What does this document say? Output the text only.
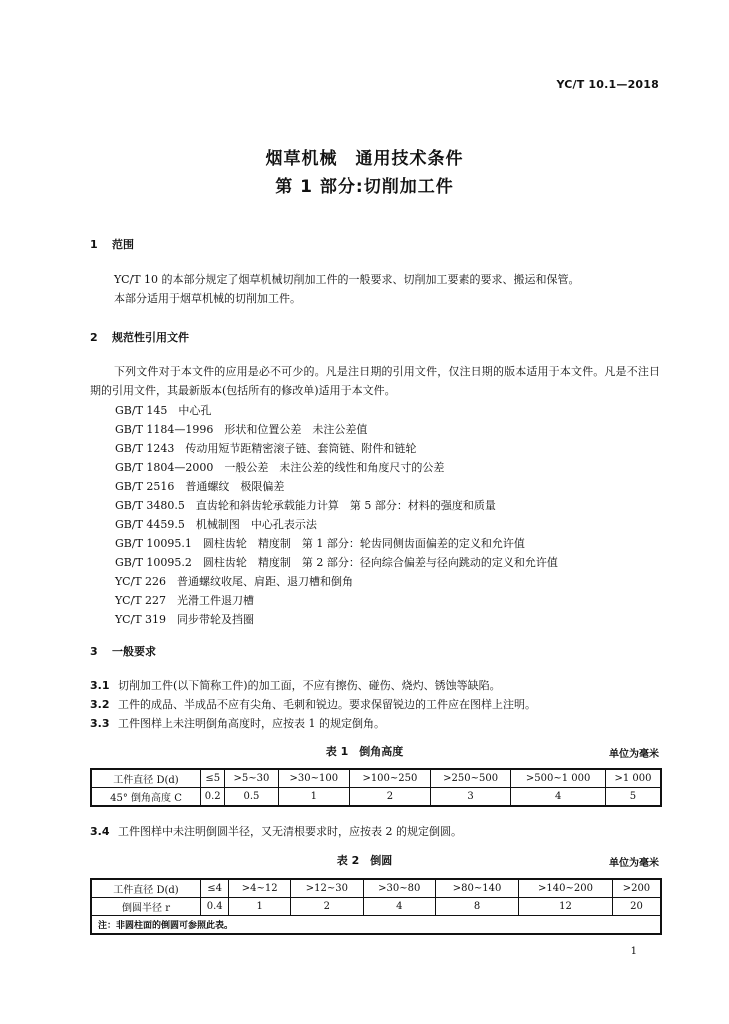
YC/T 10.1—2018
烟草机械　通用技术条件
第 1 部分:切削加工件
1 范围
YC/T 10 的本部分规定了烟草机械切削加工件的一般要求、切削加工要素的要求、搬运和保管。
本部分适用于烟草机械的切削加工件。
2 规范性引用文件
下列文件对于本文件的应用是必不可少的。凡是注日期的引用文件，仅注日期的版本适用于本文件。凡是不注日期的引用文件，其最新版本(包括所有的修改单)适用于本文件。
GB/T 145　中心孔
GB/T 1184—1996　形状和位置公差　未注公差值
GB/T 1243　传动用短节距精密滚子链、套筒链、附件和链轮
GB/T 1804—2000　一般公差　未注公差的线性和角度尺寸的公差
GB/T 2516　普通螺纹　极限偏差
GB/T 3480.5　直齿轮和斜齿轮承载能力计算　第 5 部分：材料的强度和质量
GB/T 4459.5　机械制图　中心孔表示法
GB/T 10095.1　圆柱齿轮　精度制　第 1 部分：轮齿同侧齿面偏差的定义和允许值
GB/T 10095.2　圆柱齿轮　精度制　第 2 部分：径向综合偏差与径向跳动的定义和允许值
YC/T 226　普通螺纹收尾、肩距、退刀槽和倒角
YC/T 227　光滑工件退刀槽
YC/T 319　同步带轮及挡圈
3 一般要求
3.1 切削加工件(以下简称工件)的加工面，不应有擦伤、碰伤、烧灼、锈蚀等缺陷。
3.2 工件的成品、半成品不应有尖角、毛刺和锐边。要求保留锐边的工件应在图样上注明。
3.3 工件图样上未注明倒角高度时，应按表 1 的规定倒角。
表 1　倒角高度	单位为毫米
工件直径 D(d)	≤5	>5~30	>30~100	>100~250	>250~500	>500~1 000	>1 000
45° 倒角高度 C	0.2	0.5	1	2	3	4	5
3.4 工件图样中未注明倒圆半径，又无清根要求时，应按表 2 的规定倒圆。
表 2　倒圆	单位为毫米
工件直径 D(d)	≤4	>4~12	>12~30	>30~80	>80~140	>140~200	>200
倒圆半径 r	0.4	1	2	4	8	12	20
注：非圆柱面的倒圆可参照此表。							
1
